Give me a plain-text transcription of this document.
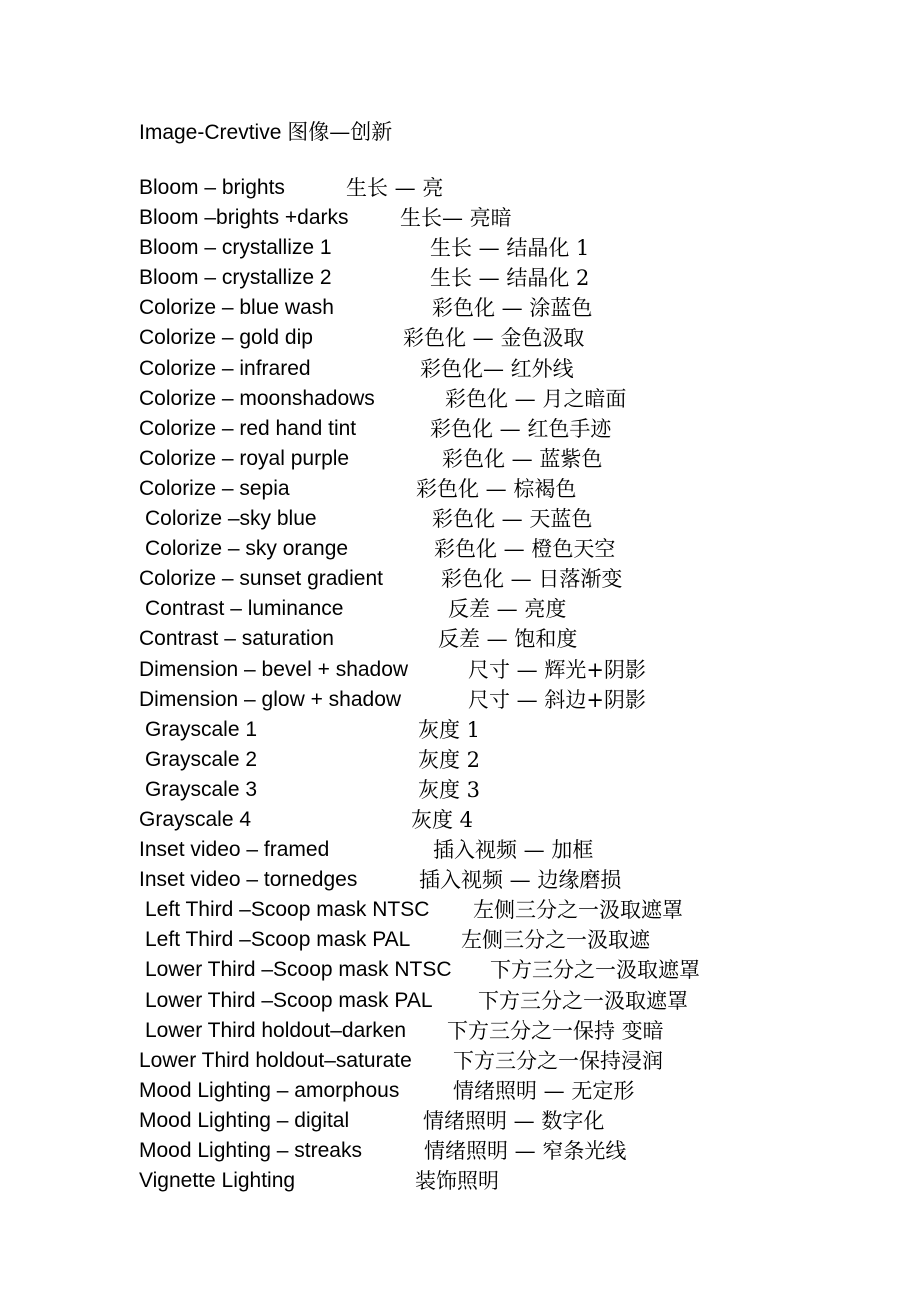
Image-Crevtive 图像—创新
Bloom – brights	生长 — 亮
Bloom –brights +darks 生长— 亮暗
Bloom – crystallize 1	生长 — 结晶化 1
Bloom – crystallize 2	生长 — 结晶化 2
Colorize – blue wash	彩色化 — 涂蓝色
Colorize – gold dip	彩色化 — 金色汲取
Colorize – infrared	彩色化— 红外线
Colorize – moonshadows	彩色化 — 月之暗面
Colorize – red hand tint	彩色化 — 红色手迹
Colorize – royal purple	彩色化 — 蓝紫色
Colorize – sepia	彩色化 — 棕褐色
Colorize –sky blue	彩色化 — 天蓝色
Colorize – sky orange	彩色化 — 橙色天空
Colorize – sunset gradient	彩色化 — 日落渐变
Contrast – luminance	反差 — 亮度
Contrast – saturation	反差 — 饱和度
Dimension – bevel + shadow	尺寸 — 辉光+阴影
Dimension – glow + shadow	尺寸 — 斜边+阴影
Grayscale 1	灰度 1
Grayscale 2	灰度 2
Grayscale 3	灰度 3
Grayscale 4	灰度 4
Inset video – framed	插入视频 — 加框
Inset video – tornedges	插入视频 — 边缘磨损
Left Third –Scoop mask NTSC 左侧三分之一汲取遮罩
Left Third –Scoop mask PAL 左侧三分之一汲取遮
Lower Third –Scoop mask NTSC 下方三分之一汲取遮罩
Lower Third –Scoop mask PAL 下方三分之一汲取遮罩
Lower Third holdout–darken 下方三分之一保持 变暗
Lower Third holdout–saturate 下方三分之一保持浸润
Mood Lighting – amorphous	情绪照明 — 无定形
Mood Lighting – digital	情绪照明 — 数字化
Mood Lighting – streaks	情绪照明 — 窄条光线
Vignette Lighting	装饰照明
